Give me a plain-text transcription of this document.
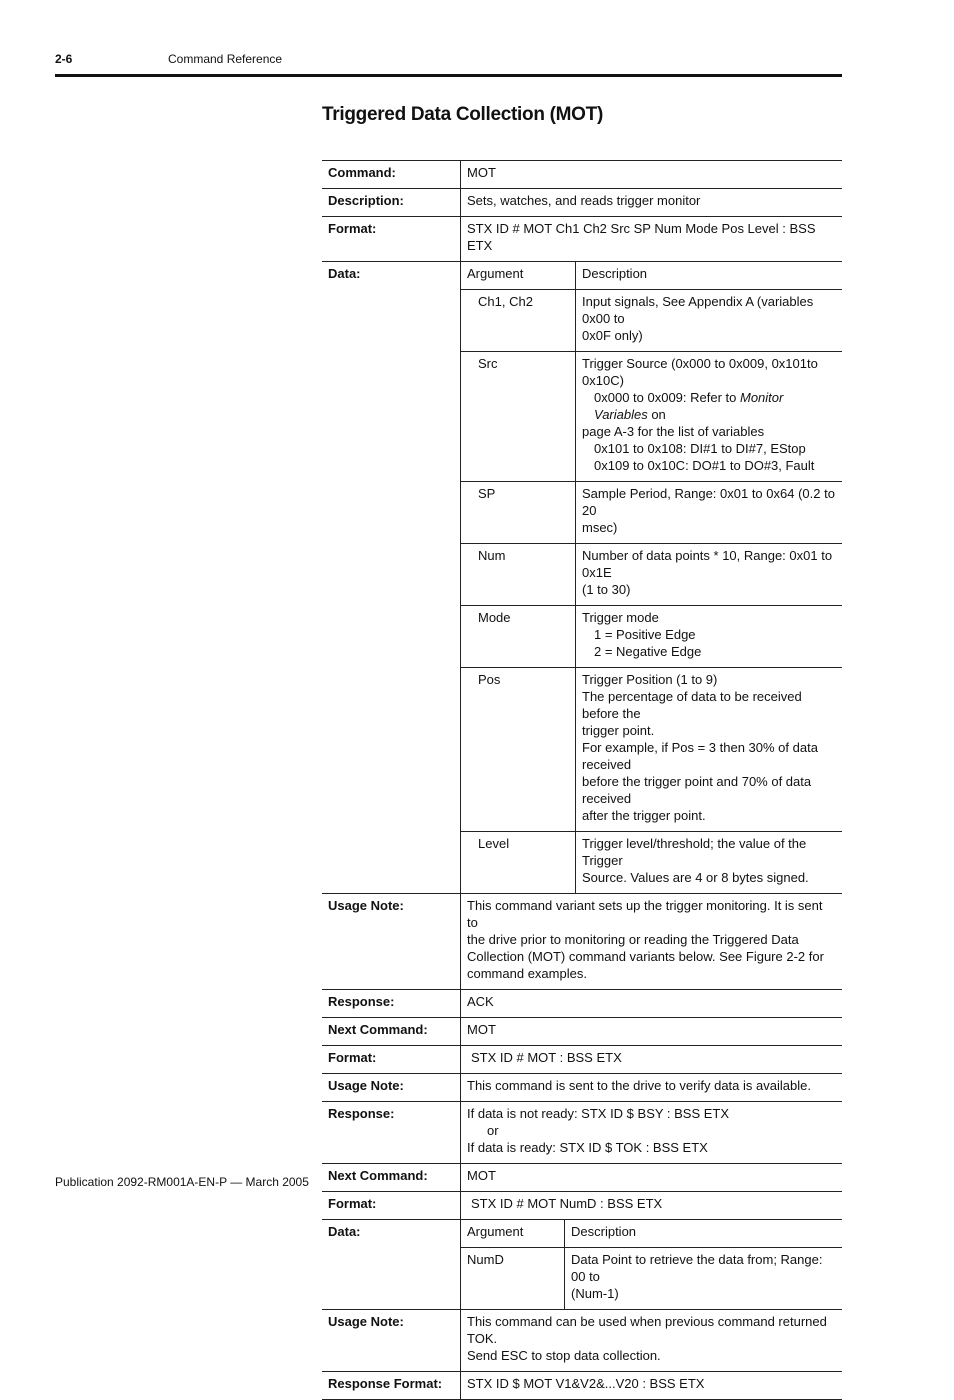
2-6	Command Reference
Triggered Data Collection (MOT)
Command:	MOT
Description:	Sets, watches, and reads trigger monitor
Format:	STX ID # MOT Ch1 Ch2 Src SP Num Mode Pos Level : BSS ETX
Data:		Argument	Description
Ch1, Ch2	Input signals, See Appendix A (variables 0x00 to
0x0F only)

Src	Trigger Source (0x000 to 0x009, 0x101to 0x10C)
0x000 to 0x009: Refer to Monitor Variables on
page A-3 for the list of variables
0x101 to 0x108: DI#1 to DI#7, EStop
0x109 to 0x10C: DO#1 to DO#3, Fault

SP	Sample Period, Range: 0x01 to 0x64 (0.2 to 20
msec)

Num	Number of data points * 10, Range: 0x01 to 0x1E
(1 to 30)

Mode	Trigger mode
1 = Positive Edge
2 = Negative Edge

Pos	Trigger Position (1 to 9)
The percentage of data to be received before the
trigger point.
For example, if Pos = 3 then 30% of data received
before the trigger point and 70% of data received
after the trigger point.

Level	Trigger level/threshold; the value of the Trigger
Source. Values are 4 or 8 bytes signed.

Usage Note:	This command variant sets up the trigger monitoring. It is sent to
the drive prior to monitoring or reading the Triggered Data
Collection (MOT) command variants below. See Figure 2-2 for
command examples.

Response:	ACK
Next Command:	MOT
Format:	STX ID # MOT : BSS ETX
Usage Note:	This command is sent to the drive to verify data is available.
Response:	If data is not ready: STX ID $ BSY : BSS ETX
or
If data is ready: STX ID $ TOK : BSS ETX

Next Command:	MOT
Format:	STX ID # MOT NumD : BSS ETX
Data:		Argument	Description
NumD	Data Point to retrieve the data from; Range: 00 to
(Num-1)

Usage Note:	This command can be used when previous command returned TOK.
Send ESC to stop data collection.

Response Format:	STX ID $ MOT V1&V2&...V20 : BSS ETX
Publication 2092-RM001A-EN-P — March 2005
